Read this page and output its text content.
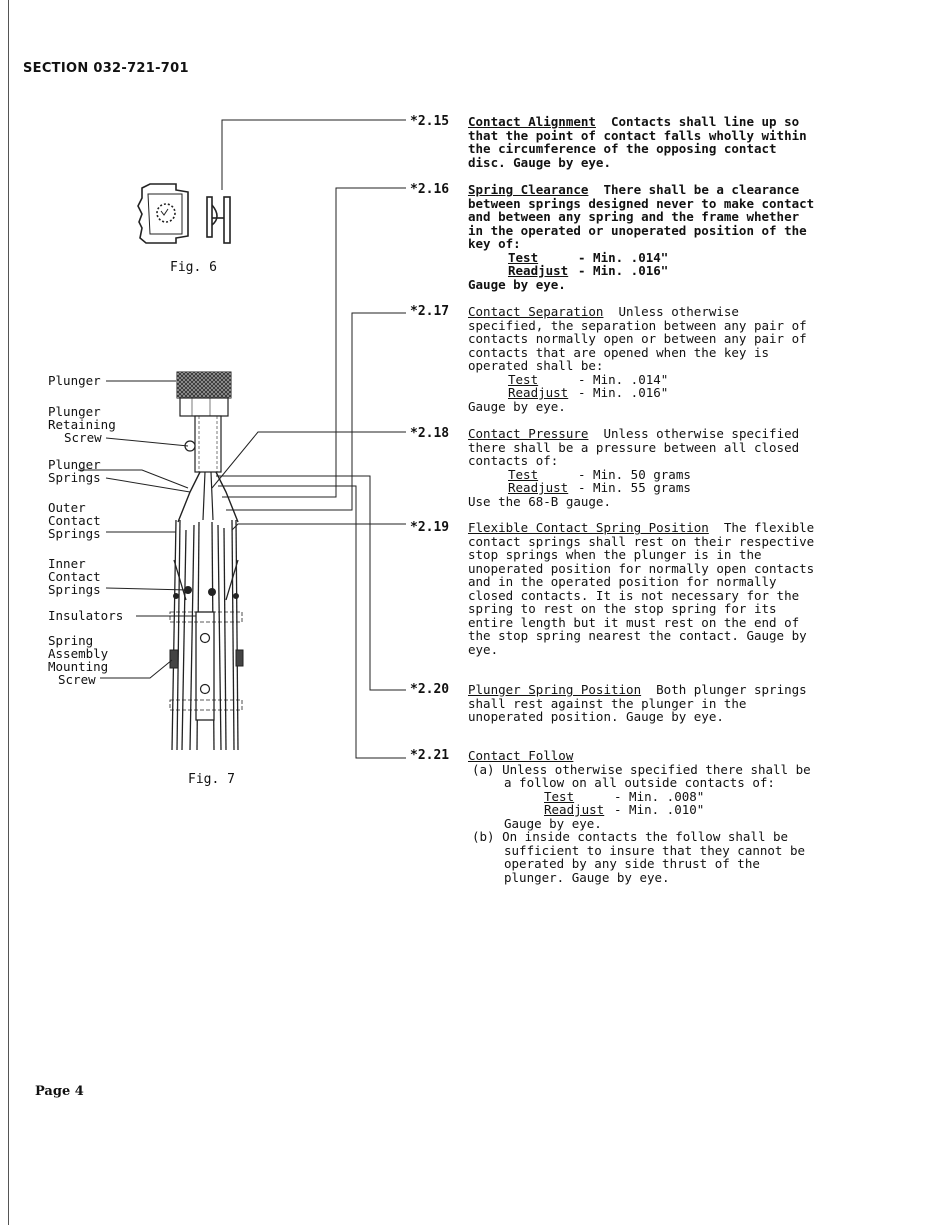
SECTION 032-721-701
Fig. 6
Fig. 7
Plunger
Plunger
Retaining
Screw
Plunger
Springs
Outer
Contact
Springs
Inner
Contact
Springs
Insulators
Spring
Assembly
Mounting
Screw
*2.15 Contact Alignment Contacts shall line up so that the point of contact falls wholly within the circumference of the opposing contact disc. Gauge by eye.
*2.16 Spring Clearance There shall be a clearance between springs designed never to make contact and between any spring and the frame whether in the operated or unoperated position of the key of:
Test	- Min. .014"
Readjust - Min. .016"
Gauge by eye.
*2.17 Contact Separation Unless otherwise specified, the separation between any pair of contacts normally open or between any pair of contacts that are opened when the key is operated shall be:
Test	- Min. .014"
Readjust - Min. .016"
Gauge by eye.
*2.18 Contact Pressure Unless otherwise specified there shall be a pressure between all closed contacts of:
Test	- Min. 50 grams
Readjust - Min. 55 grams
Use the 68-B gauge.
*2.19 Flexible Contact Spring Position The flexible contact springs shall rest on their respective stop springs when the plunger is in the unoperated position for normally open contacts and in the operated position for normally closed contacts. It is not necessary for the spring to rest on the stop spring for its entire length but it must rest on the end of the stop spring nearest the contact. Gauge by eye.
*2.20 Plunger Spring Position Both plunger springs shall rest against the plunger in the unoperated position. Gauge by eye.
*2.21 Contact Follow
(a) Unless otherwise specified there shall be a follow on all outside contacts of:
Test	- Min. .008"
Readjust - Min. .010"
Gauge by eye.
(b) On inside contacts the follow shall be sufficient to insure that they cannot be operated by any side thrust of the plunger. Gauge by eye.
Page 4
